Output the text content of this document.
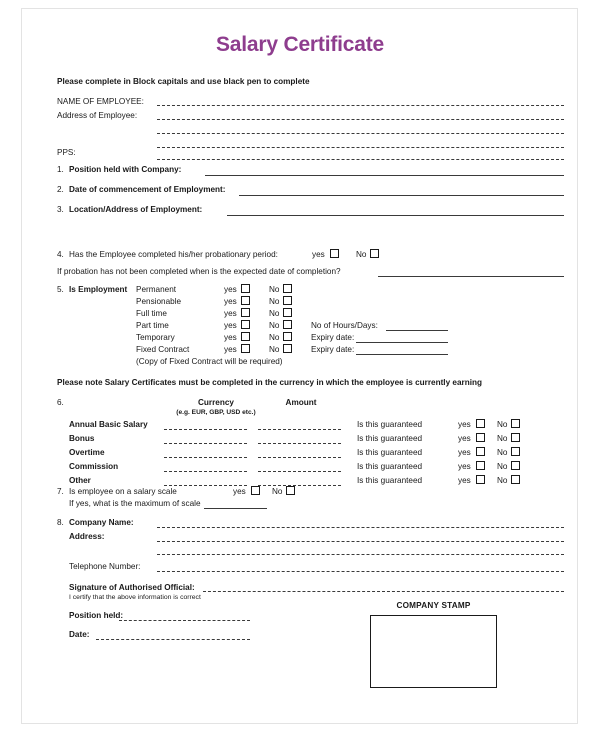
Salary Certificate
Please complete in Block capitals and use black pen to complete
NAME OF EMPLOYEE:
Address of Employee:
PPS:
1. Position held with Company:
2. Date of commencement of Employment:
3. Location/Address of Employment:
4. Has the Employee completed his/her probationary period:	yes	No
If probation has not been completed when is the expected date of completion?
5. Is Employment Permanent	yes	No
Pensionable	yes	No
Full time	yes	No
Part time	yes	No	No of Hours/Days:
Temporary	yes	No	Expiry date:
Fixed Contract	yes	No	Expiry date:
(Copy of Fixed Contract will be required)
Please note Salary Certificates must be completed in the currency in which the employee is currently earning
6.	Currency
(e.g. EUR, GBP, USD etc.)
Amount
Annual Basic Salary	Is this guaranteed	yes	No
Bonus	Is this guaranteed	yes	No
Overtime	Is this guaranteed	yes	No
Commission	Is this guaranteed	yes	No
Other	Is this guaranteed	yes	No
7. Is employee on a salary scale	yes	No
If yes, what is the maximum of scale
8. Company Name:
Address:
Telephone Number:
Signature of Authorised Official:
I certify that the above information is correct
Position held:
Date:
COMPANY STAMP
